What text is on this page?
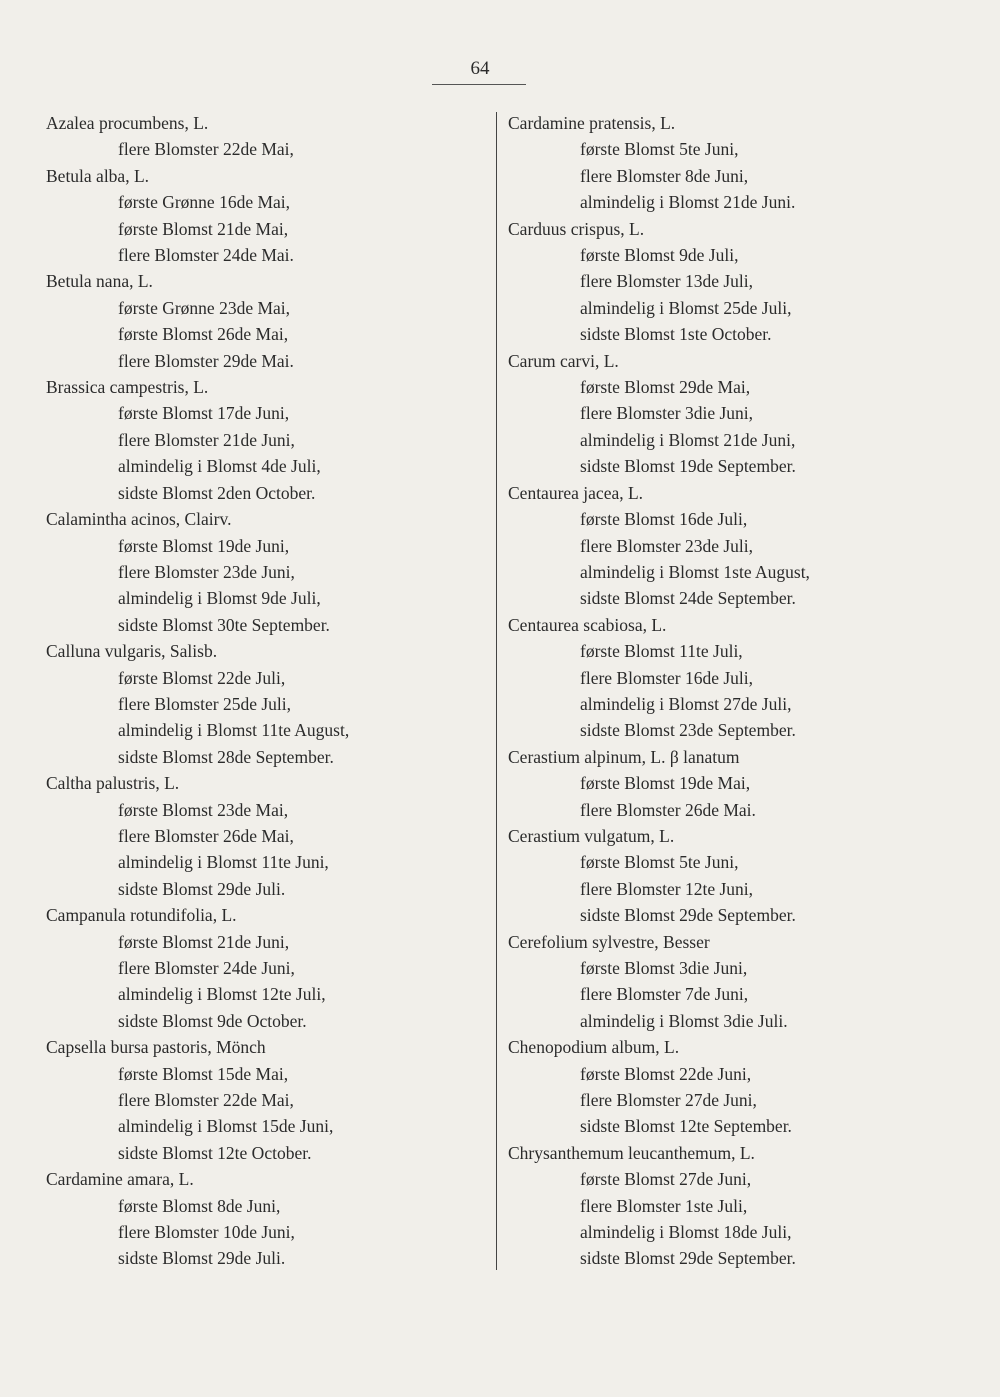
64
Azalea procumbens, L.
flere Blomster 22de Mai,
Betula alba, L.
første Grønne 16de Mai,
første Blomst 21de Mai,
flere Blomster 24de Mai.
Betula nana, L.
første Grønne 23de Mai,
første Blomst 26de Mai,
flere Blomster 29de Mai.
Brassica campestris, L.
første Blomst 17de Juni,
flere Blomster 21de Juni,
almindelig i Blomst 4de Juli,
sidste Blomst 2den October.
Calamintha acinos, Clairv.
første Blomst 19de Juni,
flere Blomster 23de Juni,
almindelig i Blomst 9de Juli,
sidste Blomst 30te September.
Calluna vulgaris, Salisb.
første Blomst 22de Juli,
flere Blomster 25de Juli,
almindelig i Blomst 11te August,
sidste Blomst 28de September.
Caltha palustris, L.
første Blomst 23de Mai,
flere Blomster 26de Mai,
almindelig i Blomst 11te Juni,
sidste Blomst 29de Juli.
Campanula rotundifolia, L.
første Blomst 21de Juni,
flere Blomster 24de Juni,
almindelig i Blomst 12te Juli,
sidste Blomst 9de October.
Capsella bursa pastoris, Mönch
første Blomst 15de Mai,
flere Blomster 22de Mai,
almindelig i Blomst 15de Juni,
sidste Blomst 12te October.
Cardamine amara, L.
første Blomst 8de Juni,
flere Blomster 10de Juni,
sidste Blomst 29de Juli.
Cardamine pratensis, L.
første Blomst 5te Juni,
flere Blomster 8de Juni,
almindelig i Blomst 21de Juni.
Carduus crispus, L.
første Blomst 9de Juli,
flere Blomster 13de Juli,
almindelig i Blomst 25de Juli,
sidste Blomst 1ste October.
Carum carvi, L.
første Blomst 29de Mai,
flere Blomster 3die Juni,
almindelig i Blomst 21de Juni,
sidste Blomst 19de September.
Centaurea jacea, L.
første Blomst 16de Juli,
flere Blomster 23de Juli,
almindelig i Blomst 1ste August,
sidste Blomst 24de September.
Centaurea scabiosa, L.
første Blomst 11te Juli,
flere Blomster 16de Juli,
almindelig i Blomst 27de Juli,
sidste Blomst 23de September.
Cerastium alpinum, L. β lanatum
første Blomst 19de Mai,
flere Blomster 26de Mai.
Cerastium vulgatum, L.
første Blomst 5te Juni,
flere Blomster 12te Juni,
sidste Blomst 29de September.
Cerefolium sylvestre, Besser
første Blomst 3die Juni,
flere Blomster 7de Juni,
almindelig i Blomst 3die Juli.
Chenopodium album, L.
første Blomst 22de Juni,
flere Blomster 27de Juni,
sidste Blomst 12te September.
Chrysanthemum leucanthemum, L.
første Blomst 27de Juni,
flere Blomster 1ste Juli,
almindelig i Blomst 18de Juli,
sidste Blomst 29de September.
